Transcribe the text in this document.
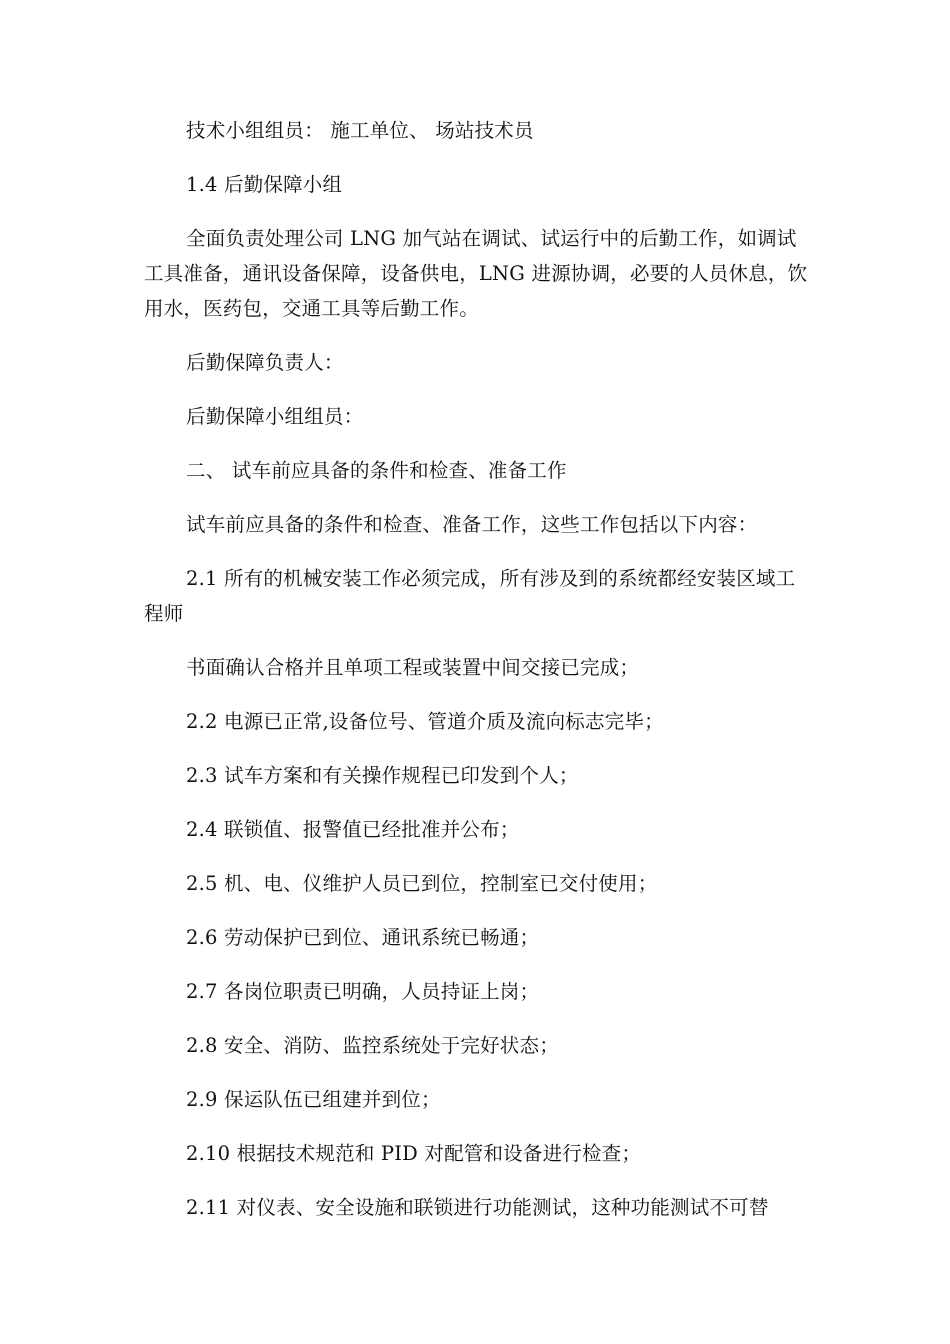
技术小组组员： 施工单位、 场站技术员

1.4 后勤保障小组

全面负责处理公司 LNG 加气站在调试、试运行中的后勤工作，如调试工具准备，通讯设备保障，设备供电，LNG 进源协调，必要的人员休息，饮用水，医药包，交通工具等后勤工作。

后勤保障负责人：

后勤保障小组组员：

二、 试车前应具备的条件和检查、准备工作

试车前应具备的条件和检查、准备工作，这些工作包括以下内容：

2.1 所有的机械安装工作必须完成，所有涉及到的系统都经安装区域工程师

书面确认合格并且单项工程或装置中间交接已完成；

2.2 电源已正常,设备位号、管道介质及流向标志完毕；

2.3 试车方案和有关操作规程已印发到个人；

2.4 联锁值、报警值已经批准并公布；

2.5 机、电、仪维护人员已到位，控制室已交付使用；

2.6 劳动保护已到位、通讯系统已畅通；

2.7 各岗位职责已明确，人员持证上岗；

2.8 安全、消防、监控系统处于完好状态；

2.9 保运队伍已组建并到位；

2.10 根据技术规范和 PID 对配管和设备进行检查；

2.11 对仪表、安全设施和联锁进行功能测试，这种功能测试不可替
